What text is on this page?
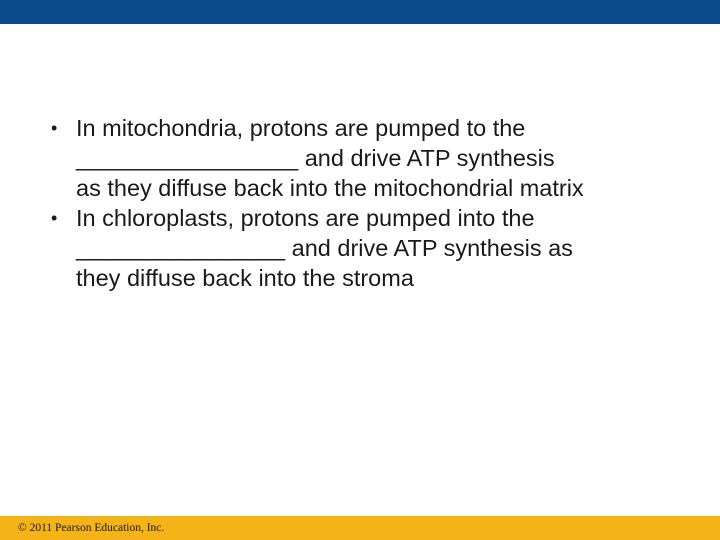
• In mitochondria, protons are pumped to the
_________________ and drive ATP synthesis
as they diffuse back into the mitochondrial matrix
• In chloroplasts, protons are pumped into the
________________ and drive ATP synthesis as
they diffuse back into the stroma
© 2011 Pearson Education, Inc.
